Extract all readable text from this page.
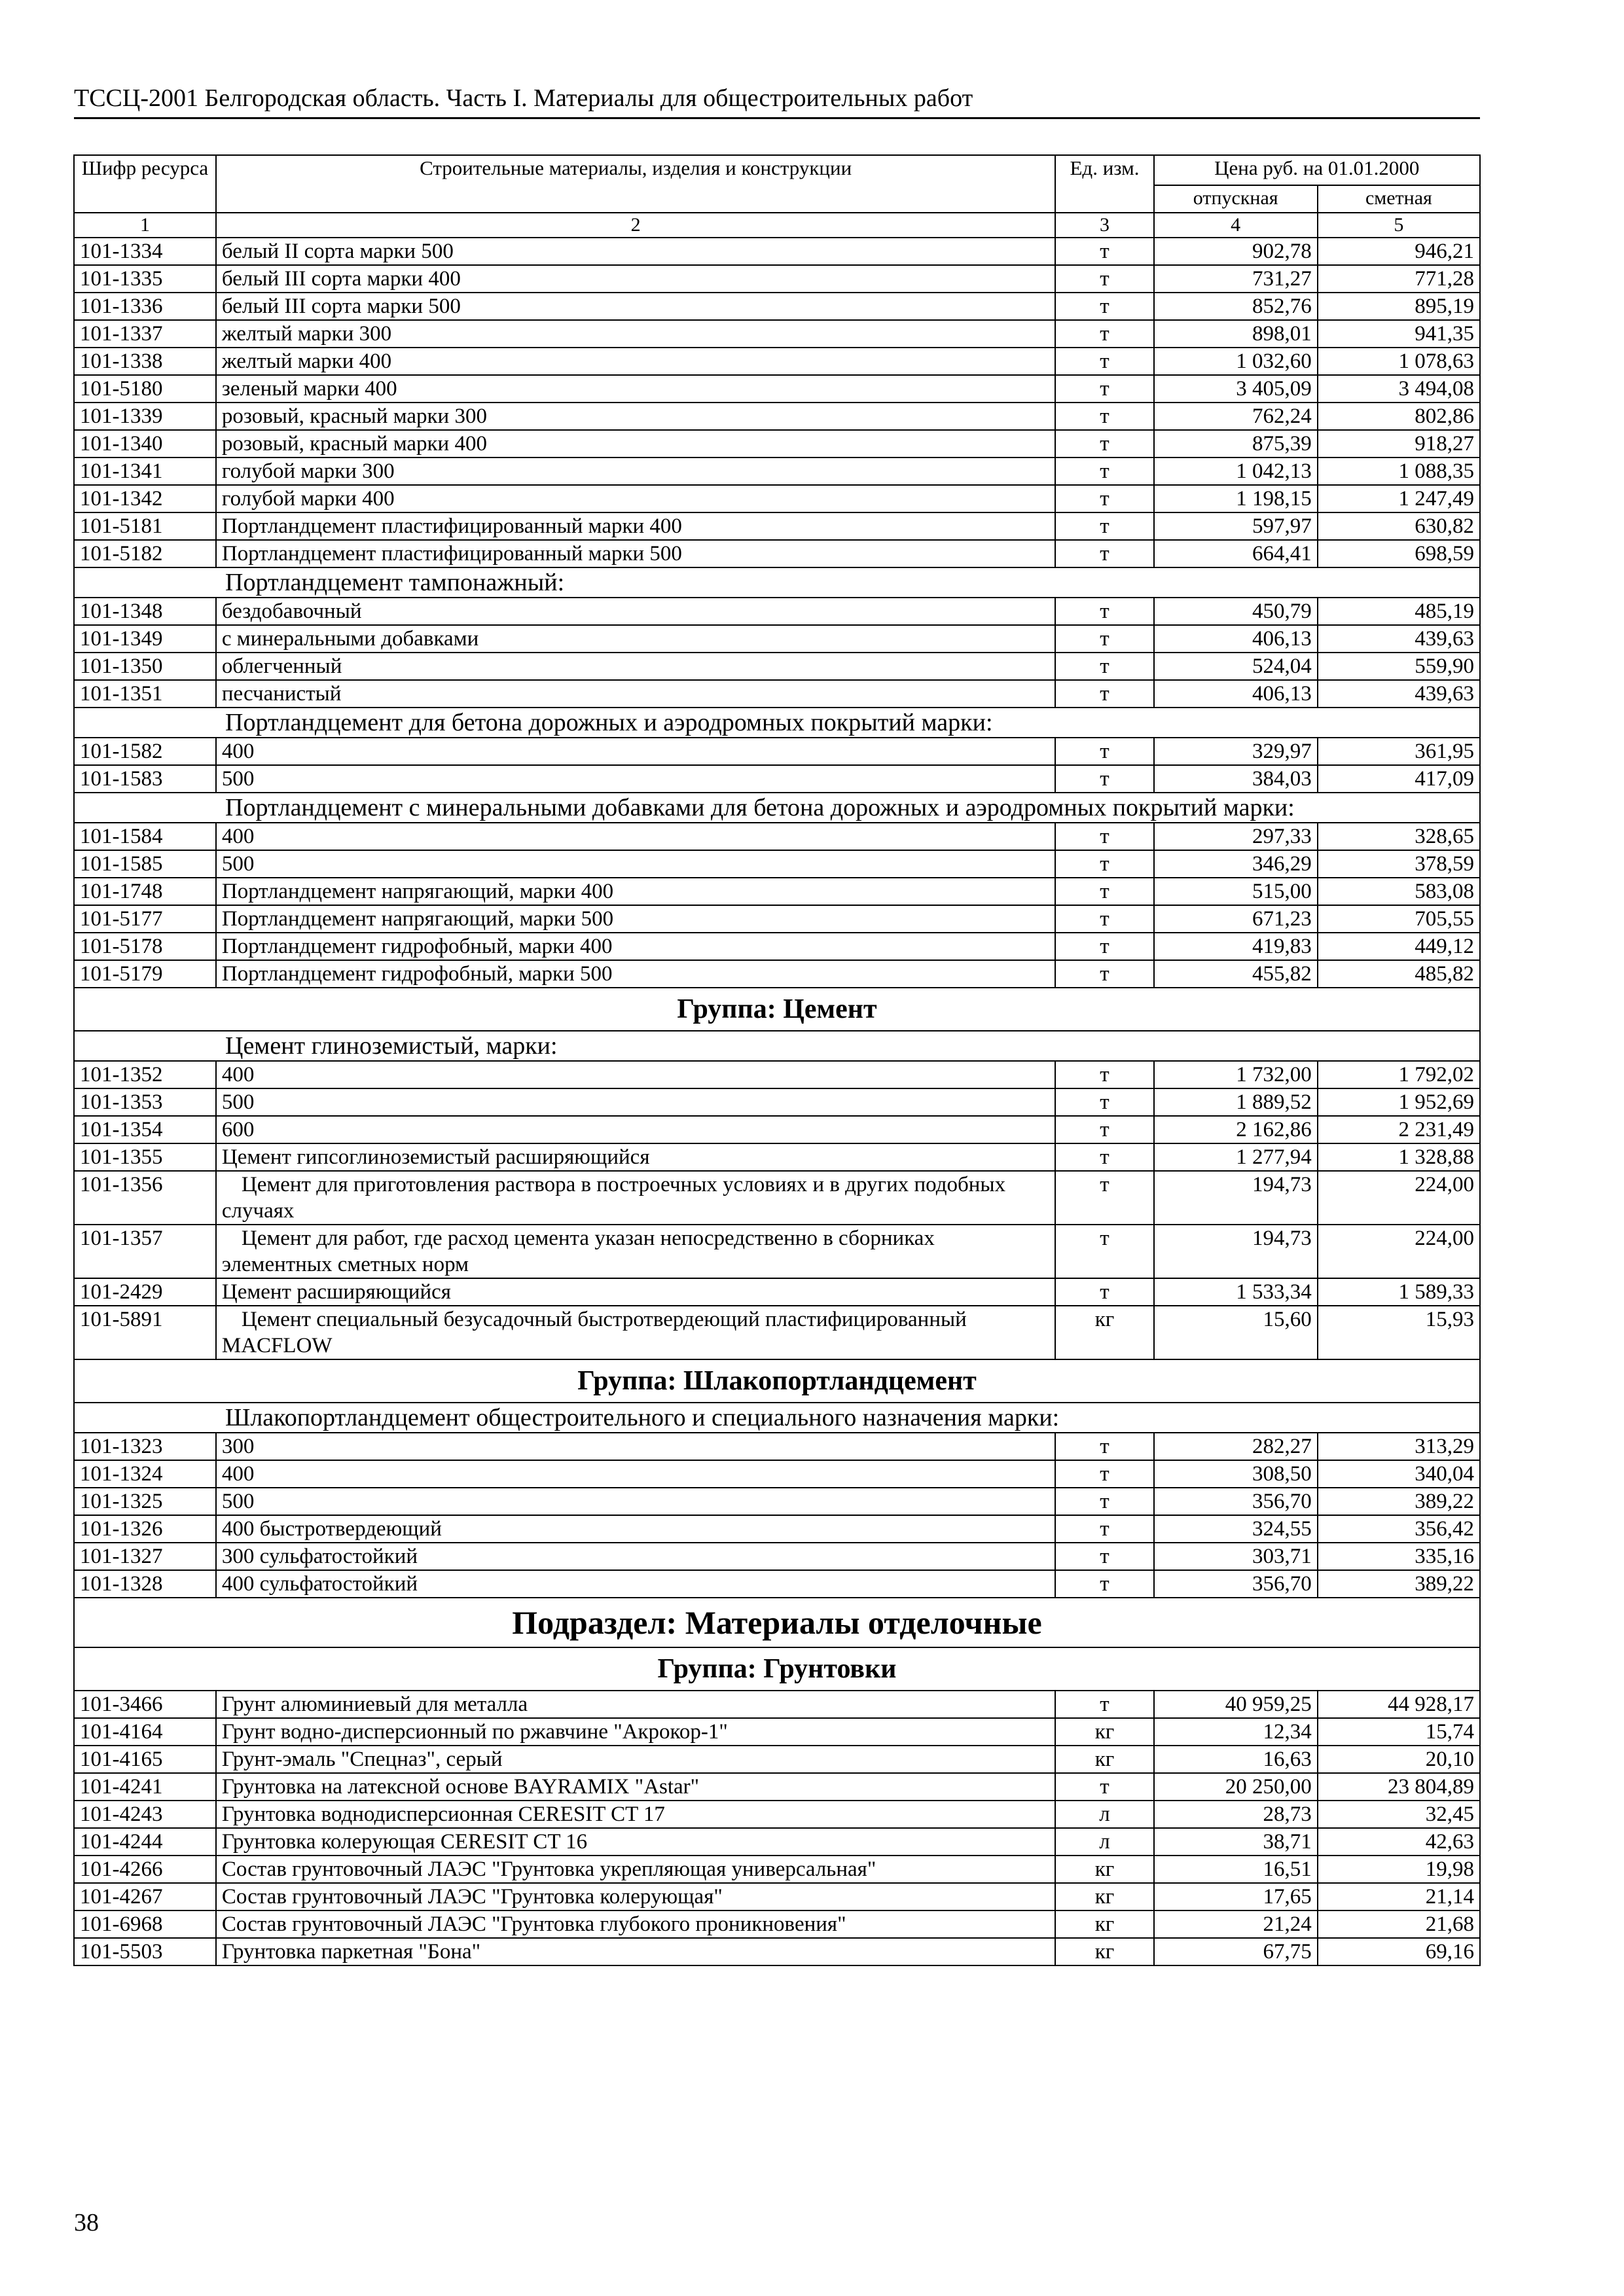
ТССЦ-2001 Белгородская область. Часть I. Материалы для общестроительных работ
Шифр ресурса	Строительные материалы, изделия и конструкции	Ед. изм.	Цена руб. на 01.01.2000	
			отпускная	сметная
1	2	3	4	5
101-1334	белый II сорта марки 500	т	902,78	946,21
101-1335	белый III сорта марки 400	т	731,27	771,28
101-1336	белый III сорта марки 500	т	852,76	895,19
101-1337	желтый марки 300	т	898,01	941,35
101-1338	желтый марки 400	т	1 032,60	1 078,63
101-5180	зеленый марки 400	т	3 405,09	3 494,08
101-1339	розовый, красный марки 300	т	762,24	802,86
101-1340	розовый, красный марки 400	т	875,39	918,27
101-1341	голубой марки 300	т	1 042,13	1 088,35
101-1342	голубой марки 400	т	1 198,15	1 247,49
101-5181	Портландцемент пластифицированный марки 400	т	597,97	630,82
101-5182	Портландцемент пластифицированный марки 500	т	664,41	698,59
Портландцемент тампонажный:				
101-1348	бездобавочный	т	450,79	485,19
101-1349	с минеральными добавками	т	406,13	439,63
101-1350	облегченный	т	524,04	559,90
101-1351	песчанистый	т	406,13	439,63
Портландцемент для бетона дорожных и аэродромных покрытий марки:				
101-1582	400	т	329,97	361,95
101-1583	500	т	384,03	417,09
Портландцемент с минеральными добавками для бетона дорожных и аэродромных покрытий марки:				
101-1584	400	т	297,33	328,65
101-1585	500	т	346,29	378,59
101-1748	Портландцемент напрягающий, марки 400	т	515,00	583,08
101-5177	Портландцемент напрягающий, марки 500	т	671,23	705,55
101-5178	Портландцемент гидрофобный, марки 400	т	419,83	449,12
101-5179	Портландцемент гидрофобный, марки 500	т	455,82	485,82
Группа: Цемент				
Цемент глиноземистый, марки:				
101-1352	400	т	1 732,00	1 792,02
101-1353	500	т	1 889,52	1 952,69
101-1354	600	т	2 162,86	2 231,49
101-1355	Цемент гипсоглиноземистый расширяющийся	т	1 277,94	1 328,88
101-1356	Цемент для приготовления раствора в построечных условиях и в других подобных случаях	т	194,73	224,00
101-1357	Цемент для работ, где расход цемента указан непосредственно в сборниках элементных сметных норм	т	194,73	224,00
101-2429	Цемент расширяющийся	т	1 533,34	1 589,33
101-5891	Цемент специальный безусадочный быстротвердеющий пластифицированный MACFLOW	кг	15,60	15,93
Группа: Шлакопортландцемент				
Шлакопортландцемент общестроительного и специального назначения марки:				
101-1323	300	т	282,27	313,29
101-1324	400	т	308,50	340,04
101-1325	500	т	356,70	389,22
101-1326	400 быстротвердеющий	т	324,55	356,42
101-1327	300 сульфатостойкий	т	303,71	335,16
101-1328	400 сульфатостойкий	т	356,70	389,22
Подраздел: Материалы отделочные				
Группа: Грунтовки				
101-3466	Грунт алюминиевый для металла	т	40 959,25	44 928,17
101-4164	Грунт водно-дисперсионный по ржавчине "Акрокор-1"	кг	12,34	15,74
101-4165	Грунт-эмаль "Спецназ", серый	кг	16,63	20,10
101-4241	Грунтовка на латексной основе BAYRAMIX "Astar"	т	20 250,00	23 804,89
101-4243	Грунтовка воднодисперсионная CERESIT CT 17	л	28,73	32,45
101-4244	Грунтовка колерующая CERESIT CT 16	л	38,71	42,63
101-4266	Состав грунтовочный ЛАЭС "Грунтовка укрепляющая универсальная"	кг	16,51	19,98
101-4267	Состав грунтовочный ЛАЭС "Грунтовка колерующая"	кг	17,65	21,14
101-6968	Состав грунтовочный ЛАЭС "Грунтовка глубокого проникновения"	кг	21,24	21,68
101-5503	Грунтовка паркетная "Бона"	кг	67,75	69,16
38
